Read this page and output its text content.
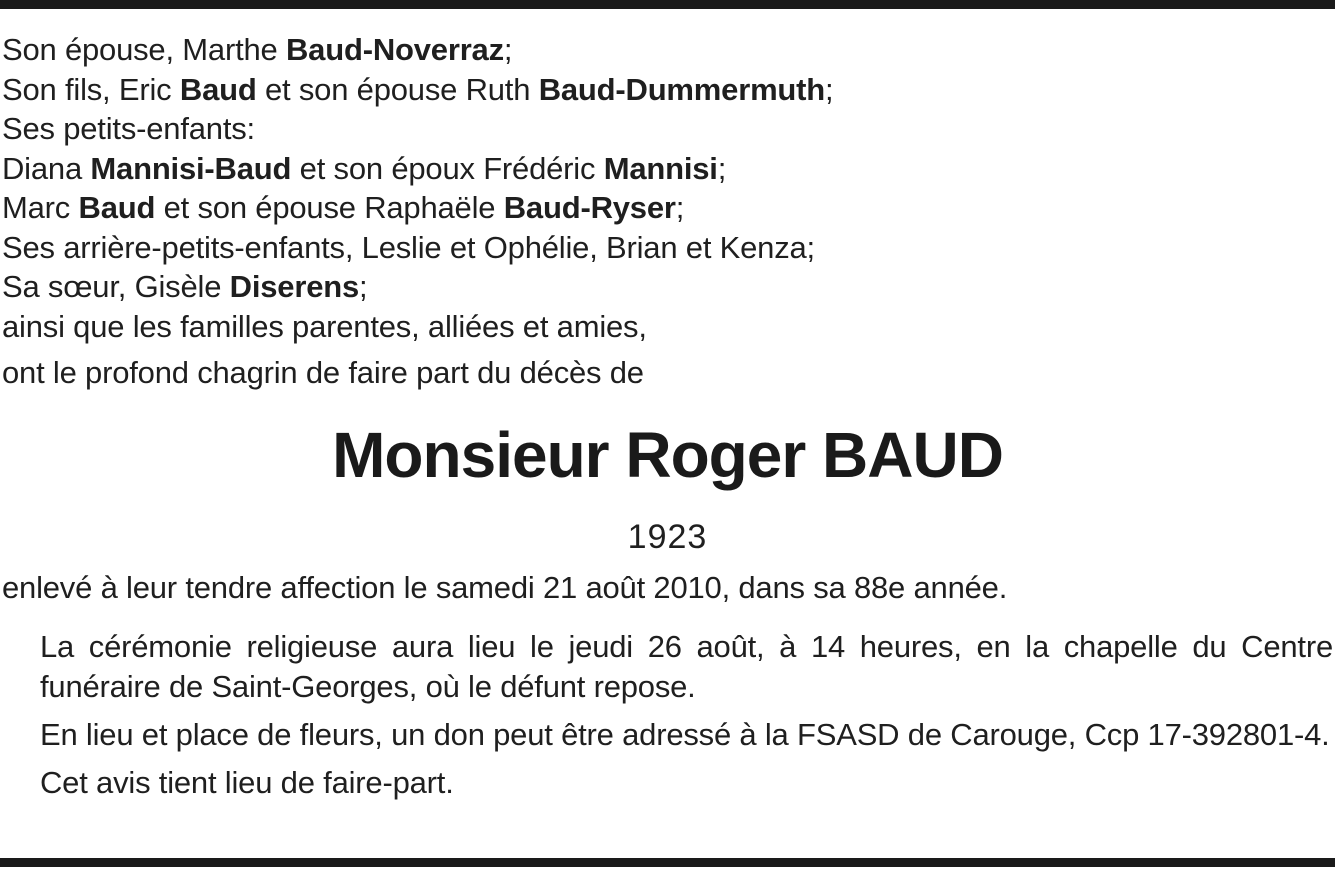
Son épouse, Marthe Baud-Noverraz;
Son fils, Eric Baud et son épouse Ruth Baud-Dummermuth;
Ses petits-enfants:
Diana Mannisi-Baud et son époux Frédéric Mannisi;
Marc Baud et son épouse Raphaële Baud-Ryser;
Ses arrière-petits-enfants, Leslie et Ophélie, Brian et Kenza;
Sa sœur, Gisèle Diserens;
ainsi que les familles parentes, alliées et amies,
ont le profond chagrin de faire part du décès de
Monsieur Roger BAUD
1923
enlevé à leur tendre affection le samedi 21 août 2010, dans sa 88e année.
La cérémonie religieuse aura lieu le jeudi 26 août, à 14 heures, en la chapelle du Centre funéraire de Saint-Georges, où le défunt repose.
En lieu et place de fleurs, un don peut être adressé à la FSASD de Carouge, Ccp 17-392801-4.
Cet avis tient lieu de faire-part.
